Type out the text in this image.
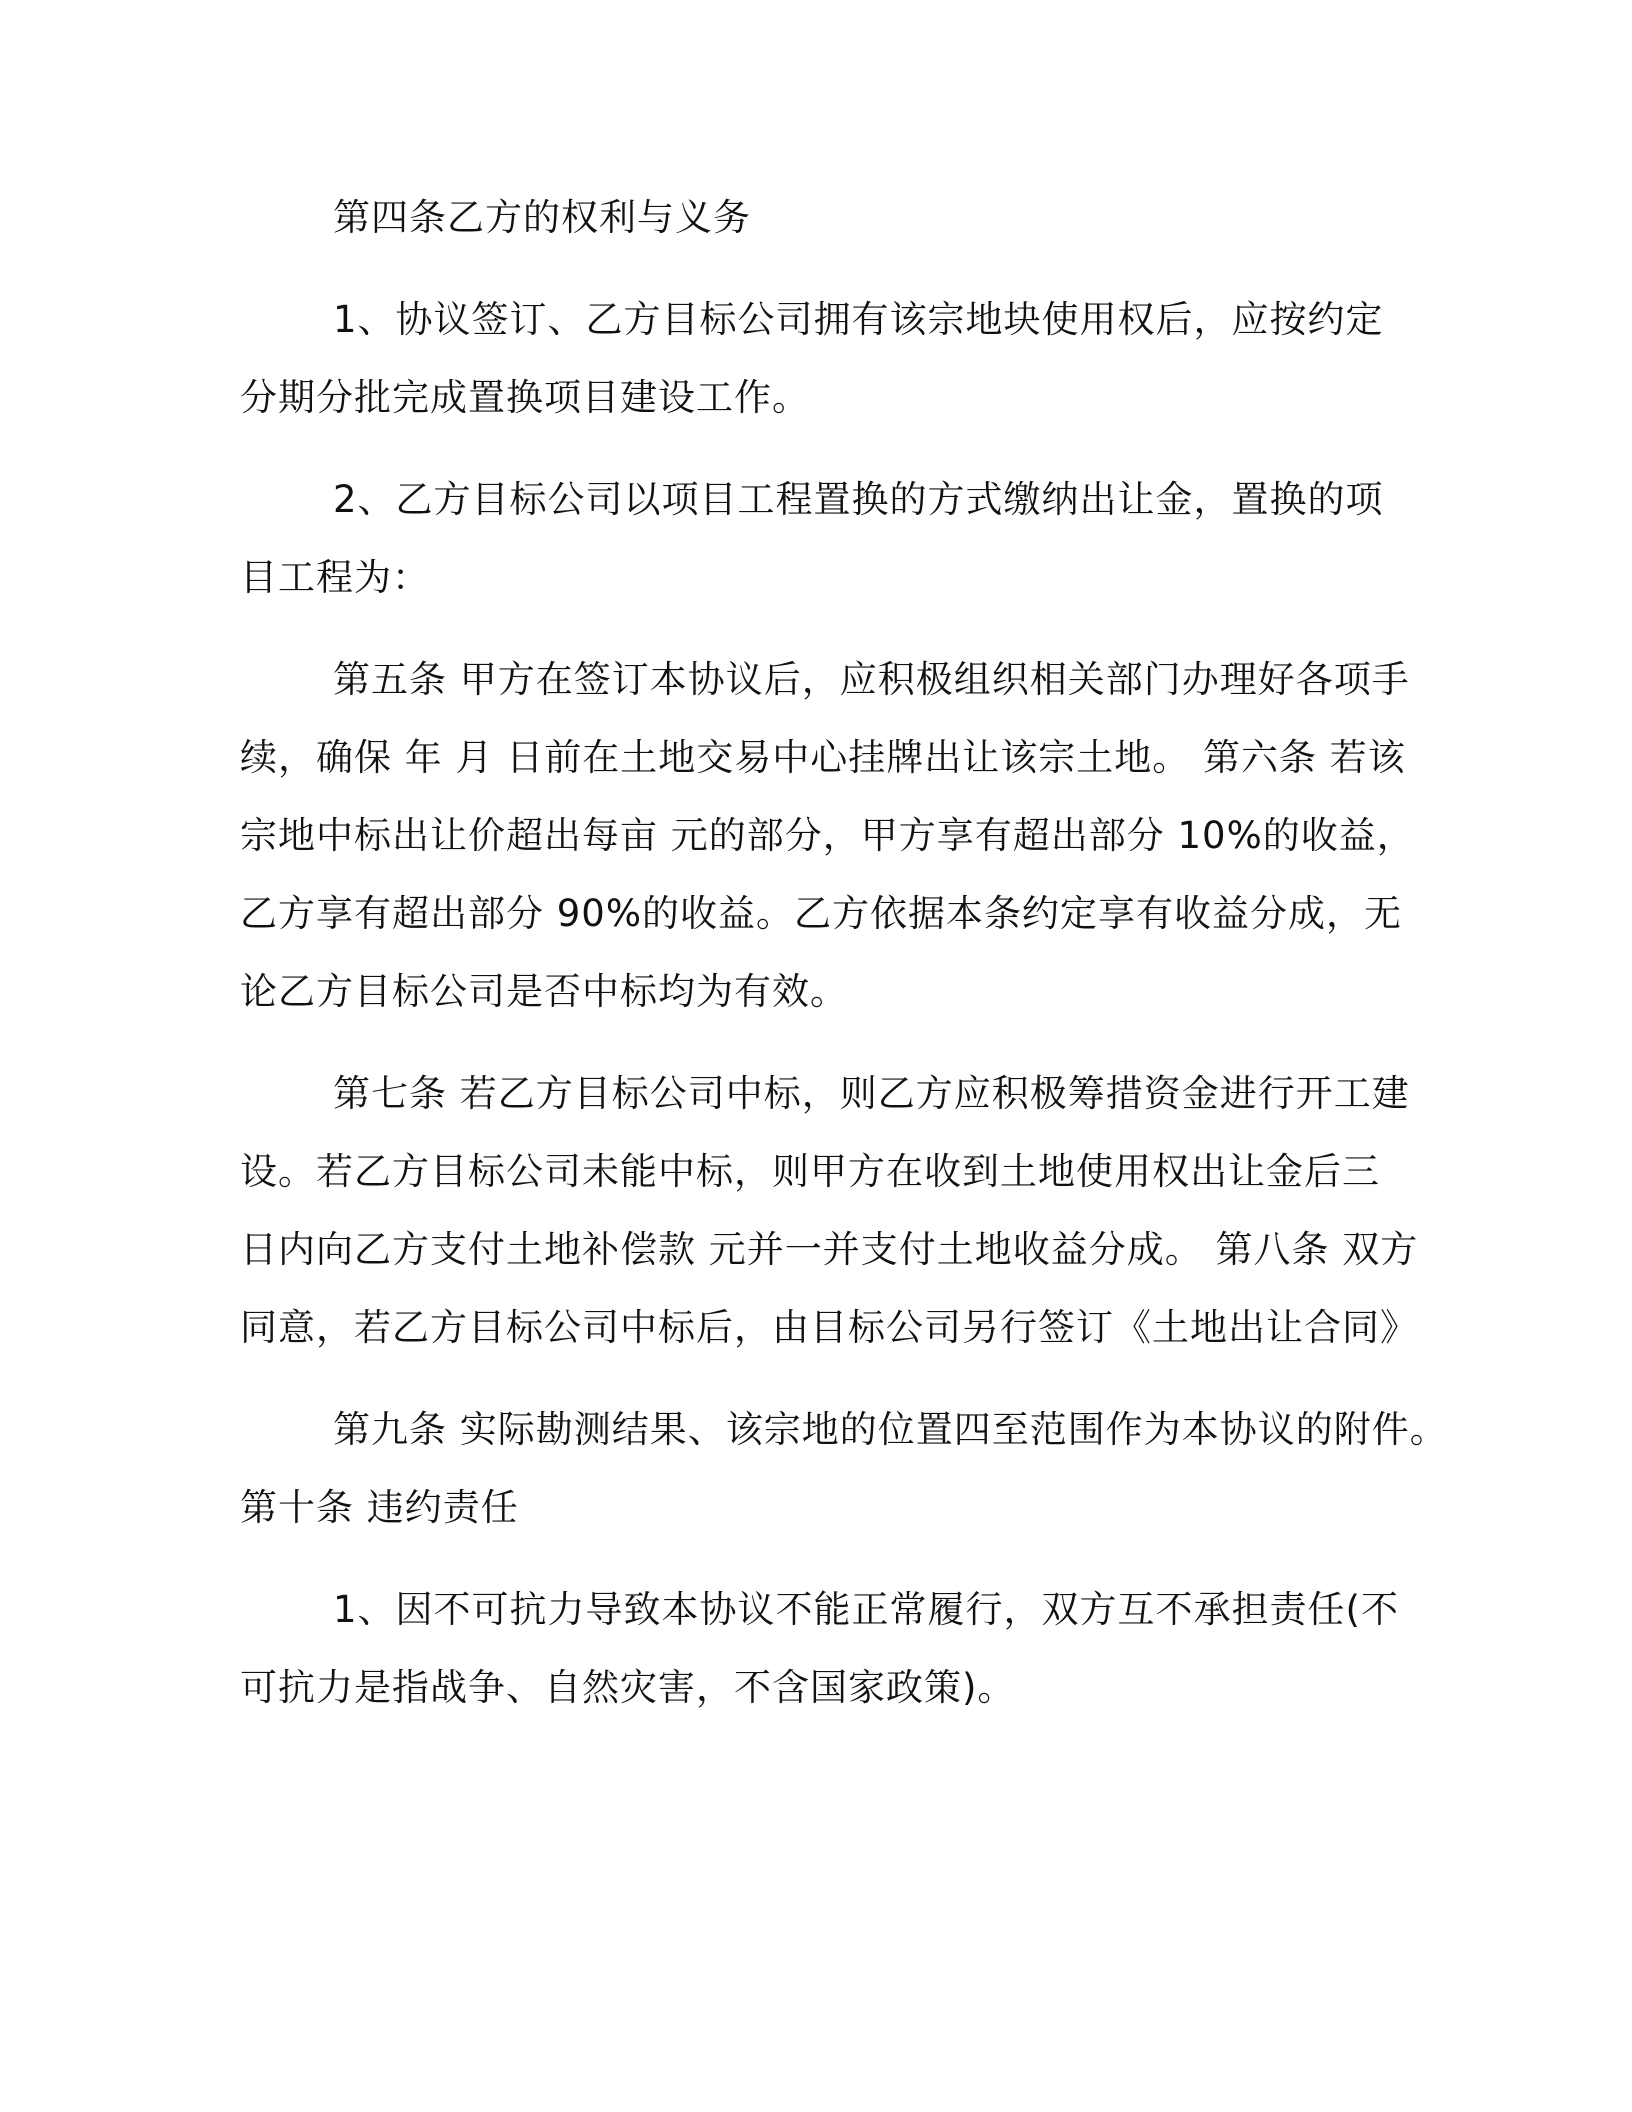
第四条乙方的权利与义务
1、协议签订、乙方目标公司拥有该宗地块使用权后，应按约定
分期分批完成置换项目建设工作。
2、乙方目标公司以项目工程置换的方式缴纳出让金，置换的项
目工程为：
第五条 甲方在签订本协议后，应积极组织相关部门办理好各项手
续，确保 年 月 日前在土地交易中心挂牌出让该宗土地。 第六条 若该
宗地中标出让价超出每亩 元的部分，甲方享有超出部分 10%的收益，
乙方享有超出部分 90%的收益。乙方依据本条约定享有收益分成，无
论乙方目标公司是否中标均为有效。
第七条 若乙方目标公司中标，则乙方应积极筹措资金进行开工建
设。若乙方目标公司未能中标，则甲方在收到土地使用权出让金后三
日内向乙方支付土地补偿款 元并一并支付土地收益分成。 第八条 双方
同意，若乙方目标公司中标后，由目标公司另行签订《土地出让合同》
第九条 实际勘测结果、该宗地的位置四至范围作为本协议的附件。
第十条 违约责任
1、因不可抗力导致本协议不能正常履行，双方互不承担责任(不
可抗力是指战争、自然灾害，不含国家政策)。
